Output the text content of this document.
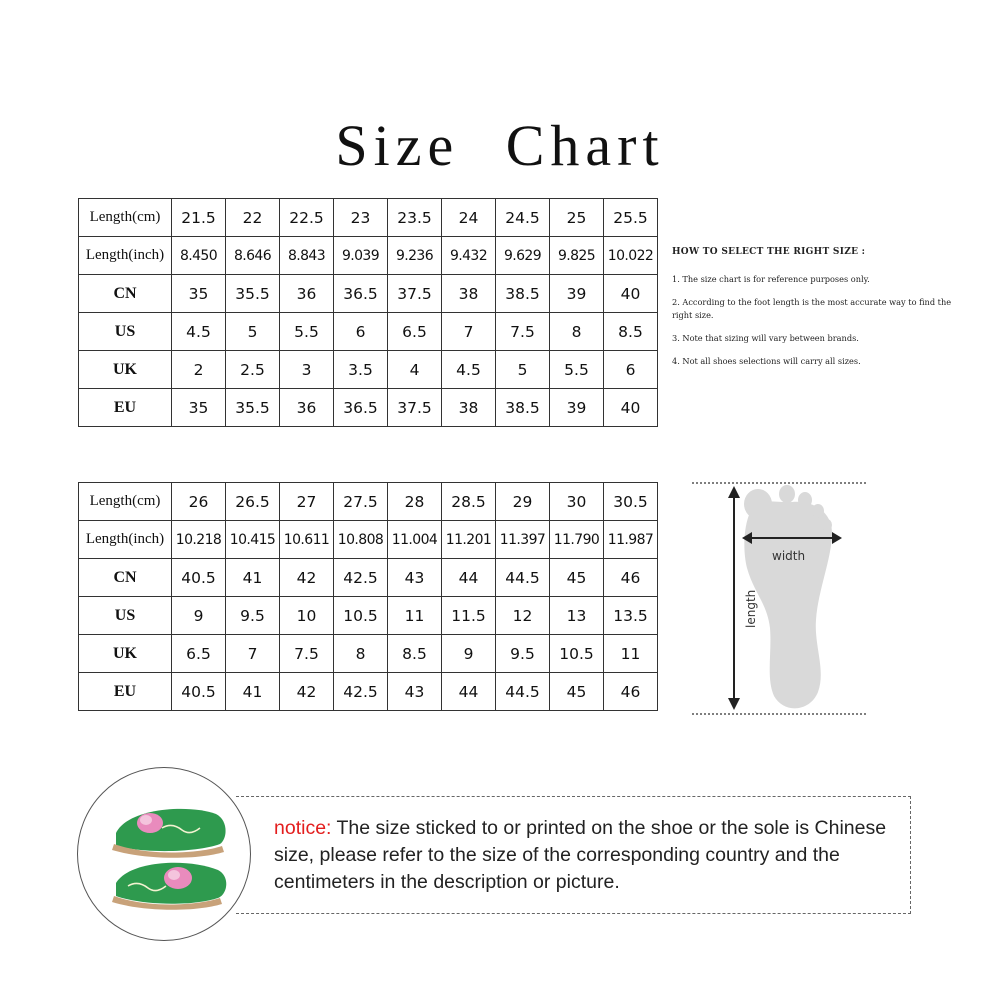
Size Chart
Length(cm)	21.5	22	22.5	23	23.5	24	24.5	25	25.5
Length(inch)	8.450	8.646	8.843	9.039	9.236	9.432	9.629	9.825	10.022
CN	35	35.5	36	36.5	37.5	38	38.5	39	40
US	4.5	5	5.5	6	6.5	7	7.5	8	8.5
UK	2	2.5	3	3.5	4	4.5	5	5.5	6
EU	35	35.5	36	36.5	37.5	38	38.5	39	40
Length(cm)	26	26.5	27	27.5	28	28.5	29	30	30.5
Length(inch)	10.218	10.415	10.611	10.808	11.004	11.201	11.397	11.790	11.987
CN	40.5	41	42	42.5	43	44	44.5	45	46
US	9	9.5	10	10.5	11	11.5	12	13	13.5
UK	6.5	7	7.5	8	8.5	9	9.5	10.5	11
EU	40.5	41	42	42.5	43	44	44.5	45	46
HOW TO SELECT THE RIGHT SIZE :
1. The size chart is for reference purposes only.
2. According to the foot length is the most accurate way to find the right size.
3. Note that sizing will vary between brands.
4. Not all shoes selections will carry all sizes.
width
length
notice: The size sticked to or printed on the shoe or the sole is Chinese size, please refer to the size of the corresponding country and the centimeters in the description or picture.
